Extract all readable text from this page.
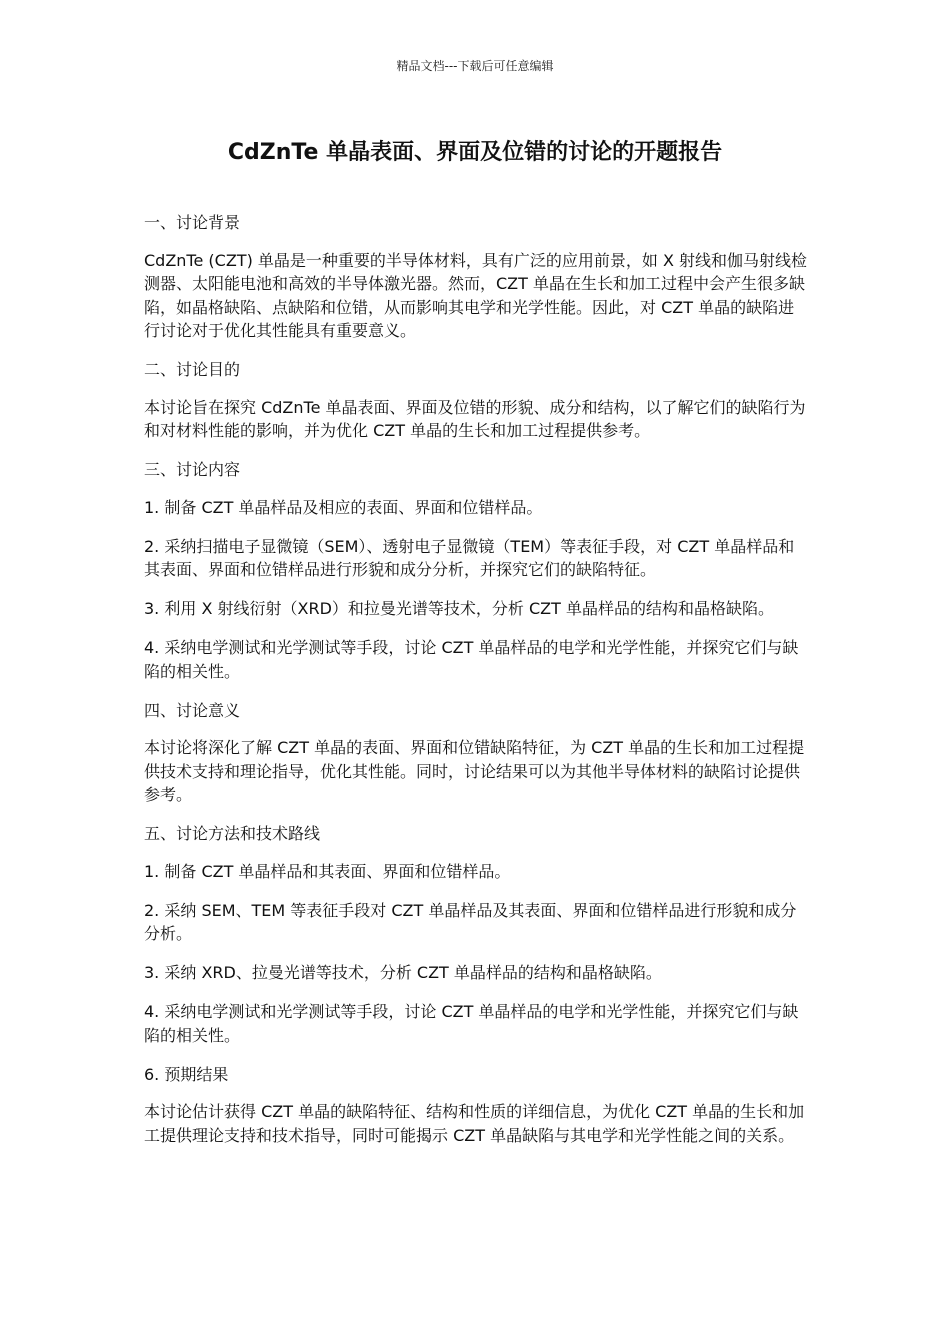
精品文档---下载后可任意编辑
CdZnTe 单晶表面、界面及位错的讨论的开题报告
一、讨论背景
CdZnTe (CZT) 单晶是一种重要的半导体材料，具有广泛的应用前景，如 X 射线和伽马射线检测器、太阳能电池和高效的半导体激光器。然而，CZT 单晶在生长和加工过程中会产生很多缺陷，如晶格缺陷、点缺陷和位错，从而影响其电学和光学性能。因此，对 CZT 单晶的缺陷进行讨论对于优化其性能具有重要意义。
二、讨论目的
本讨论旨在探究 CdZnTe 单晶表面、界面及位错的形貌、成分和结构，以了解它们的缺陷行为和对材料性能的影响，并为优化 CZT 单晶的生长和加工过程提供参考。
三、讨论内容
1. 制备 CZT 单晶样品及相应的表面、界面和位错样品。
2. 采纳扫描电子显微镜（SEM）、透射电子显微镜（TEM）等表征手段，对 CZT 单晶样品和其表面、界面和位错样品进行形貌和成分分析，并探究它们的缺陷特征。
3. 利用 X 射线衍射（XRD）和拉曼光谱等技术，分析 CZT 单晶样品的结构和晶格缺陷。
4. 采纳电学测试和光学测试等手段，讨论 CZT 单晶样品的电学和光学性能，并探究它们与缺陷的相关性。
四、讨论意义
本讨论将深化了解 CZT 单晶的表面、界面和位错缺陷特征，为 CZT 单晶的生长和加工过程提供技术支持和理论指导，优化其性能。同时，讨论结果可以为其他半导体材料的缺陷讨论提供参考。
五、讨论方法和技术路线
1. 制备 CZT 单晶样品和其表面、界面和位错样品。
2. 采纳 SEM、TEM 等表征手段对 CZT 单晶样品及其表面、界面和位错样品进行形貌和成分分析。
3. 采纳 XRD、拉曼光谱等技术，分析 CZT 单晶样品的结构和晶格缺陷。
4. 采纳电学测试和光学测试等手段，讨论 CZT 单晶样品的电学和光学性能，并探究它们与缺陷的相关性。
6. 预期结果
本讨论估计获得 CZT 单晶的缺陷特征、结构和性质的详细信息，为优化 CZT 单晶的生长和加工提供理论支持和技术指导，同时可能揭示 CZT 单晶缺陷与其电学和光学性能之间的关系。
